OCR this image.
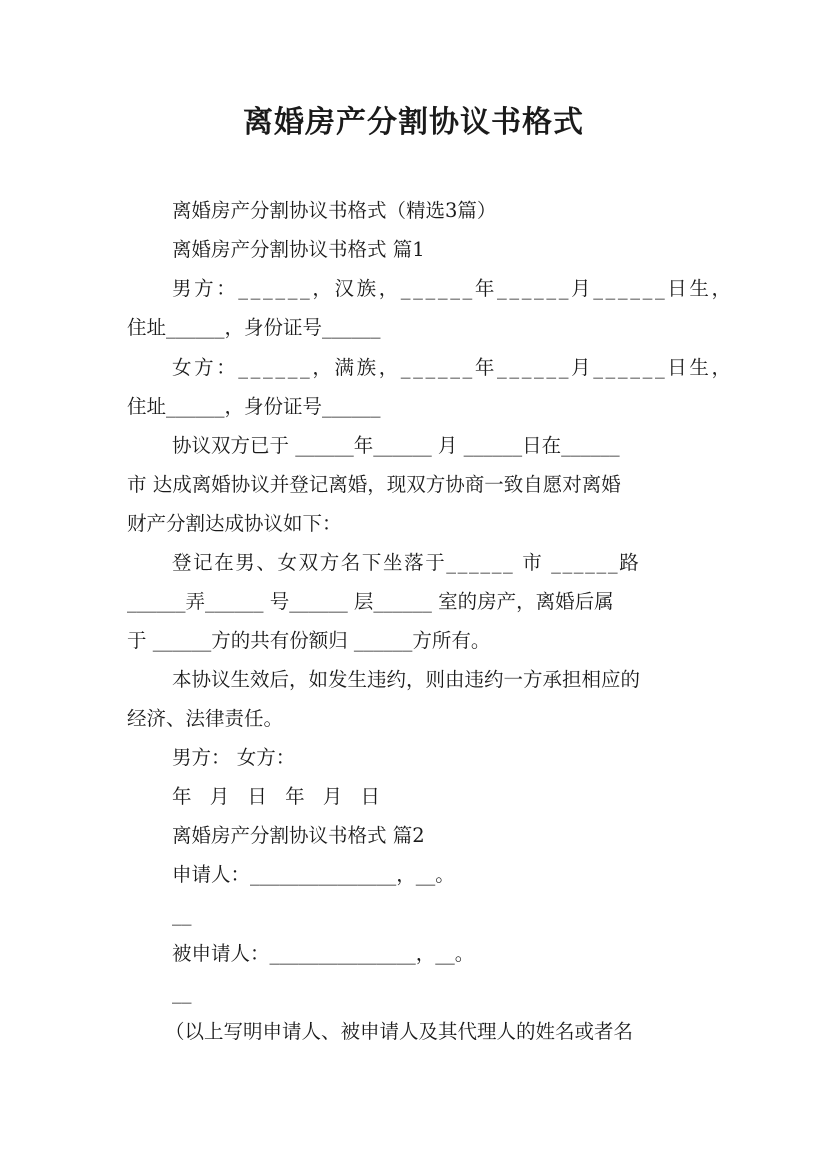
离婚房产分割协议书格式
离婚房产分割协议书格式（精选3篇）
离婚房产分割协议书格式 篇1
男方：______，汉族，______年______月______日生，
住址______，身份证号______
女方：______，满族，______年______月______日生，
住址______，身份证号______
协议双方已于 ______年______ 月 ______日在______
市 达成离婚协议并登记离婚，现双方协商一致自愿对离婚
财产分割达成协议如下：
登记在男、女双方名下坐落于______ 市 ______路
______弄______ 号______ 层______ 室的房产，离婚后属
于 ______方的共有份额归 ______方所有。
本协议生效后，如发生违约，则由违约一方承担相应的
经济、法律责任。
男方： 女方：
年 月 日 年 月 日
离婚房产分割协议书格式 篇2
申请人：_______________，__。
__
被申请人：_______________，__。
__
（以上写明申请人、被申请人及其代理人的姓名或者名
